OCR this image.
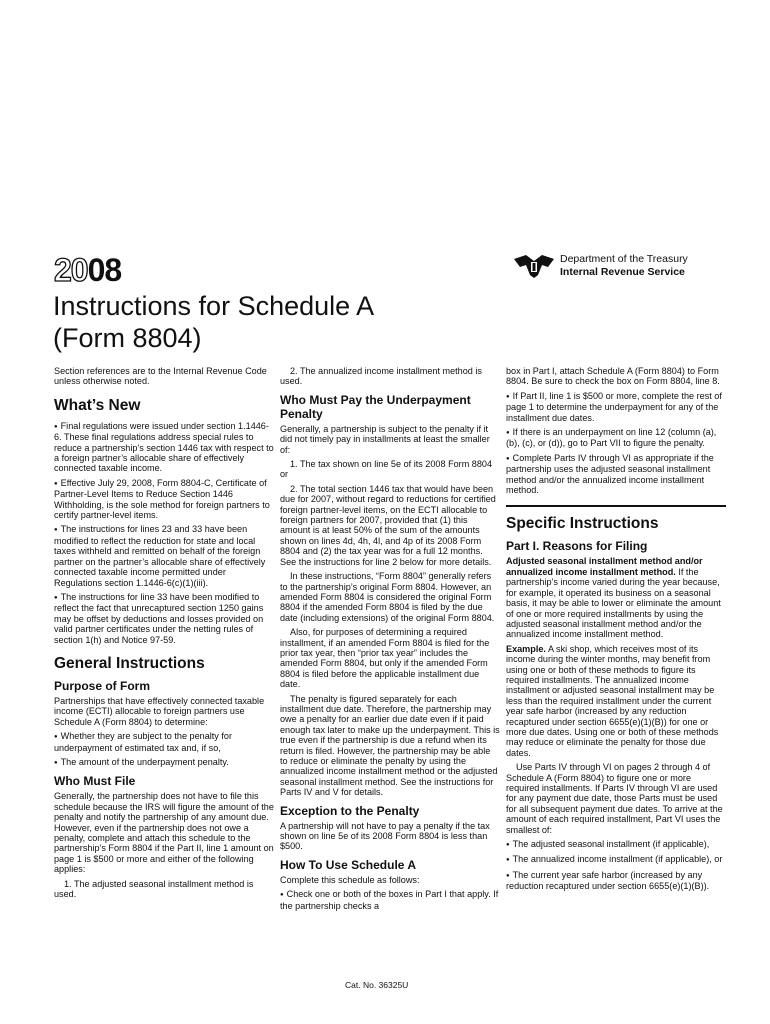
2008	Department of the Treasury
Internal Revenue Service
Instructions for Schedule A
(Form 8804)

Section references are to the Internal Revenue Code unless otherwise noted.

What’s New

● Final regulations were issued under section 1.1446-6. These final regulations address special rules to reduce a partnership’s section 1446 tax with respect to a foreign partner’s allocable share of effectively connected taxable income.

● Effective July 29, 2008, Form 8804-C, Certificate of Partner-Level Items to Reduce Section 1446 Withholding, is the sole method for foreign partners to certify partner-level items.

● The instructions for lines 23 and 33 have been modified to reflect the reduction for state and local taxes withheld and remitted on behalf of the foreign partner on the partner’s allocable share of effectively connected taxable income permitted under Regulations section 1.1446-6(c)(1)(iii).

● The instructions for line 33 have been modified to reflect the fact that unrecaptured section 1250 gains may be offset by deductions and losses provided on valid partner certificates under the netting rules of section 1(h) and Notice 97-59.

General Instructions
Purpose of Form

Partnerships that have effectively connected taxable income (ECTI) allocable to foreign partners use Schedule A (Form 8804) to determine:

● Whether they are subject to the penalty for underpayment of estimated tax and, if so,

● The amount of the underpayment penalty.

Who Must File

Generally, the partnership does not have to file this schedule because the IRS will figure the amount of the penalty and notify the partnership of any amount due. However, even if the partnership does not owe a penalty, complete and attach this schedule to the partnership’s Form 8804 if the Part II, line 1 amount on page 1 is $500 or more and either of the following applies:

1. The adjusted seasonal installment method is used.

2. The annualized income installment method is used.

Who Must Pay the Underpayment Penalty

Generally, a partnership is subject to the penalty if it did not timely pay in installments at least the smaller of:

1. The tax shown on line 5e of its 2008 Form 8804 or

2. The total section 1446 tax that would have been due for 2007, without regard to reductions for certified foreign partner-level items, on the ECTI allocable to foreign partners for 2007, provided that (1) this amount is at least 50% of the sum of the amounts shown on lines 4d, 4h, 4l, and 4p of its 2008 Form 8804 and (2) the tax year was for a full 12 months. See the instructions for line 2 below for more details.

In these instructions, “Form 8804” generally refers to the partnership’s original Form 8804. However, an amended Form 8804 is considered the original Form 8804 if the amended Form 8804 is filed by the due date (including extensions) of the original Form 8804.

Also, for purposes of determining a required installment, if an amended Form 8804 is filed for the prior tax year, then “prior tax year” includes the amended Form 8804, but only if the amended Form 8804 is filed before the applicable installment due date.

The penalty is figured separately for each installment due date. Therefore, the partnership may owe a penalty for an earlier due date even if it paid enough tax later to make up the underpayment. This is true even if the partnership is due a refund when its return is filed. However, the partnership may be able to reduce or eliminate the penalty by using the annualized income installment method or the adjusted seasonal installment method. See the instructions for Parts IV and V for details.

Exception to the Penalty

A partnership will not have to pay a penalty if the tax shown on line 5e of its 2008 Form 8804 is less than $500.

How To Use Schedule A

Complete this schedule as follows:

● Check one or both of the boxes in Part I that apply. If the partnership checks a

box in Part I, attach Schedule A (Form 8804) to Form 8804. Be sure to check the box on Form 8804, line 8.

● If Part II, line 1 is $500 or more, complete the rest of page 1 to determine the underpayment for any of the installment due dates.

● If there is an underpayment on line 12 (column (a), (b), (c), or (d)), go to Part VII to figure the penalty.

● Complete Parts IV through VI as appropriate if the partnership uses the adjusted seasonal installment method and/or the annualized income installment method.

Specific Instructions
Part I. Reasons for Filing

Adjusted seasonal installment method and/or annualized income installment method. If the partnership’s income varied during the year because, for example, it operated its business on a seasonal basis, it may be able to lower or eliminate the amount of one or more required installments by using the adjusted seasonal installment method and/or the annualized income installment method.

Example. A ski shop, which receives most of its income during the winter months, may benefit from using one or both of these methods to figure its required installments. The annualized income installment or adjusted seasonal installment may be less than the required installment under the current year safe harbor (increased by any reduction recaptured under section 6655(e)(1)(B)) for one or more due dates. Using one or both of these methods may reduce or eliminate the penalty for those due dates.

Use Parts IV through VI on pages 2 through 4 of Schedule A (Form 8804) to figure one or more required installments. If Parts IV through VI are used for any payment due date, those Parts must be used for all subsequent payment due dates. To arrive at the amount of each required installment, Part VI uses the smallest of:

● The adjusted seasonal installment (if applicable),

● The annualized income installment (if applicable), or

● The current year safe harbor (increased by any reduction recaptured under section 6655(e)(1)(B)).

Cat. No. 36325U
